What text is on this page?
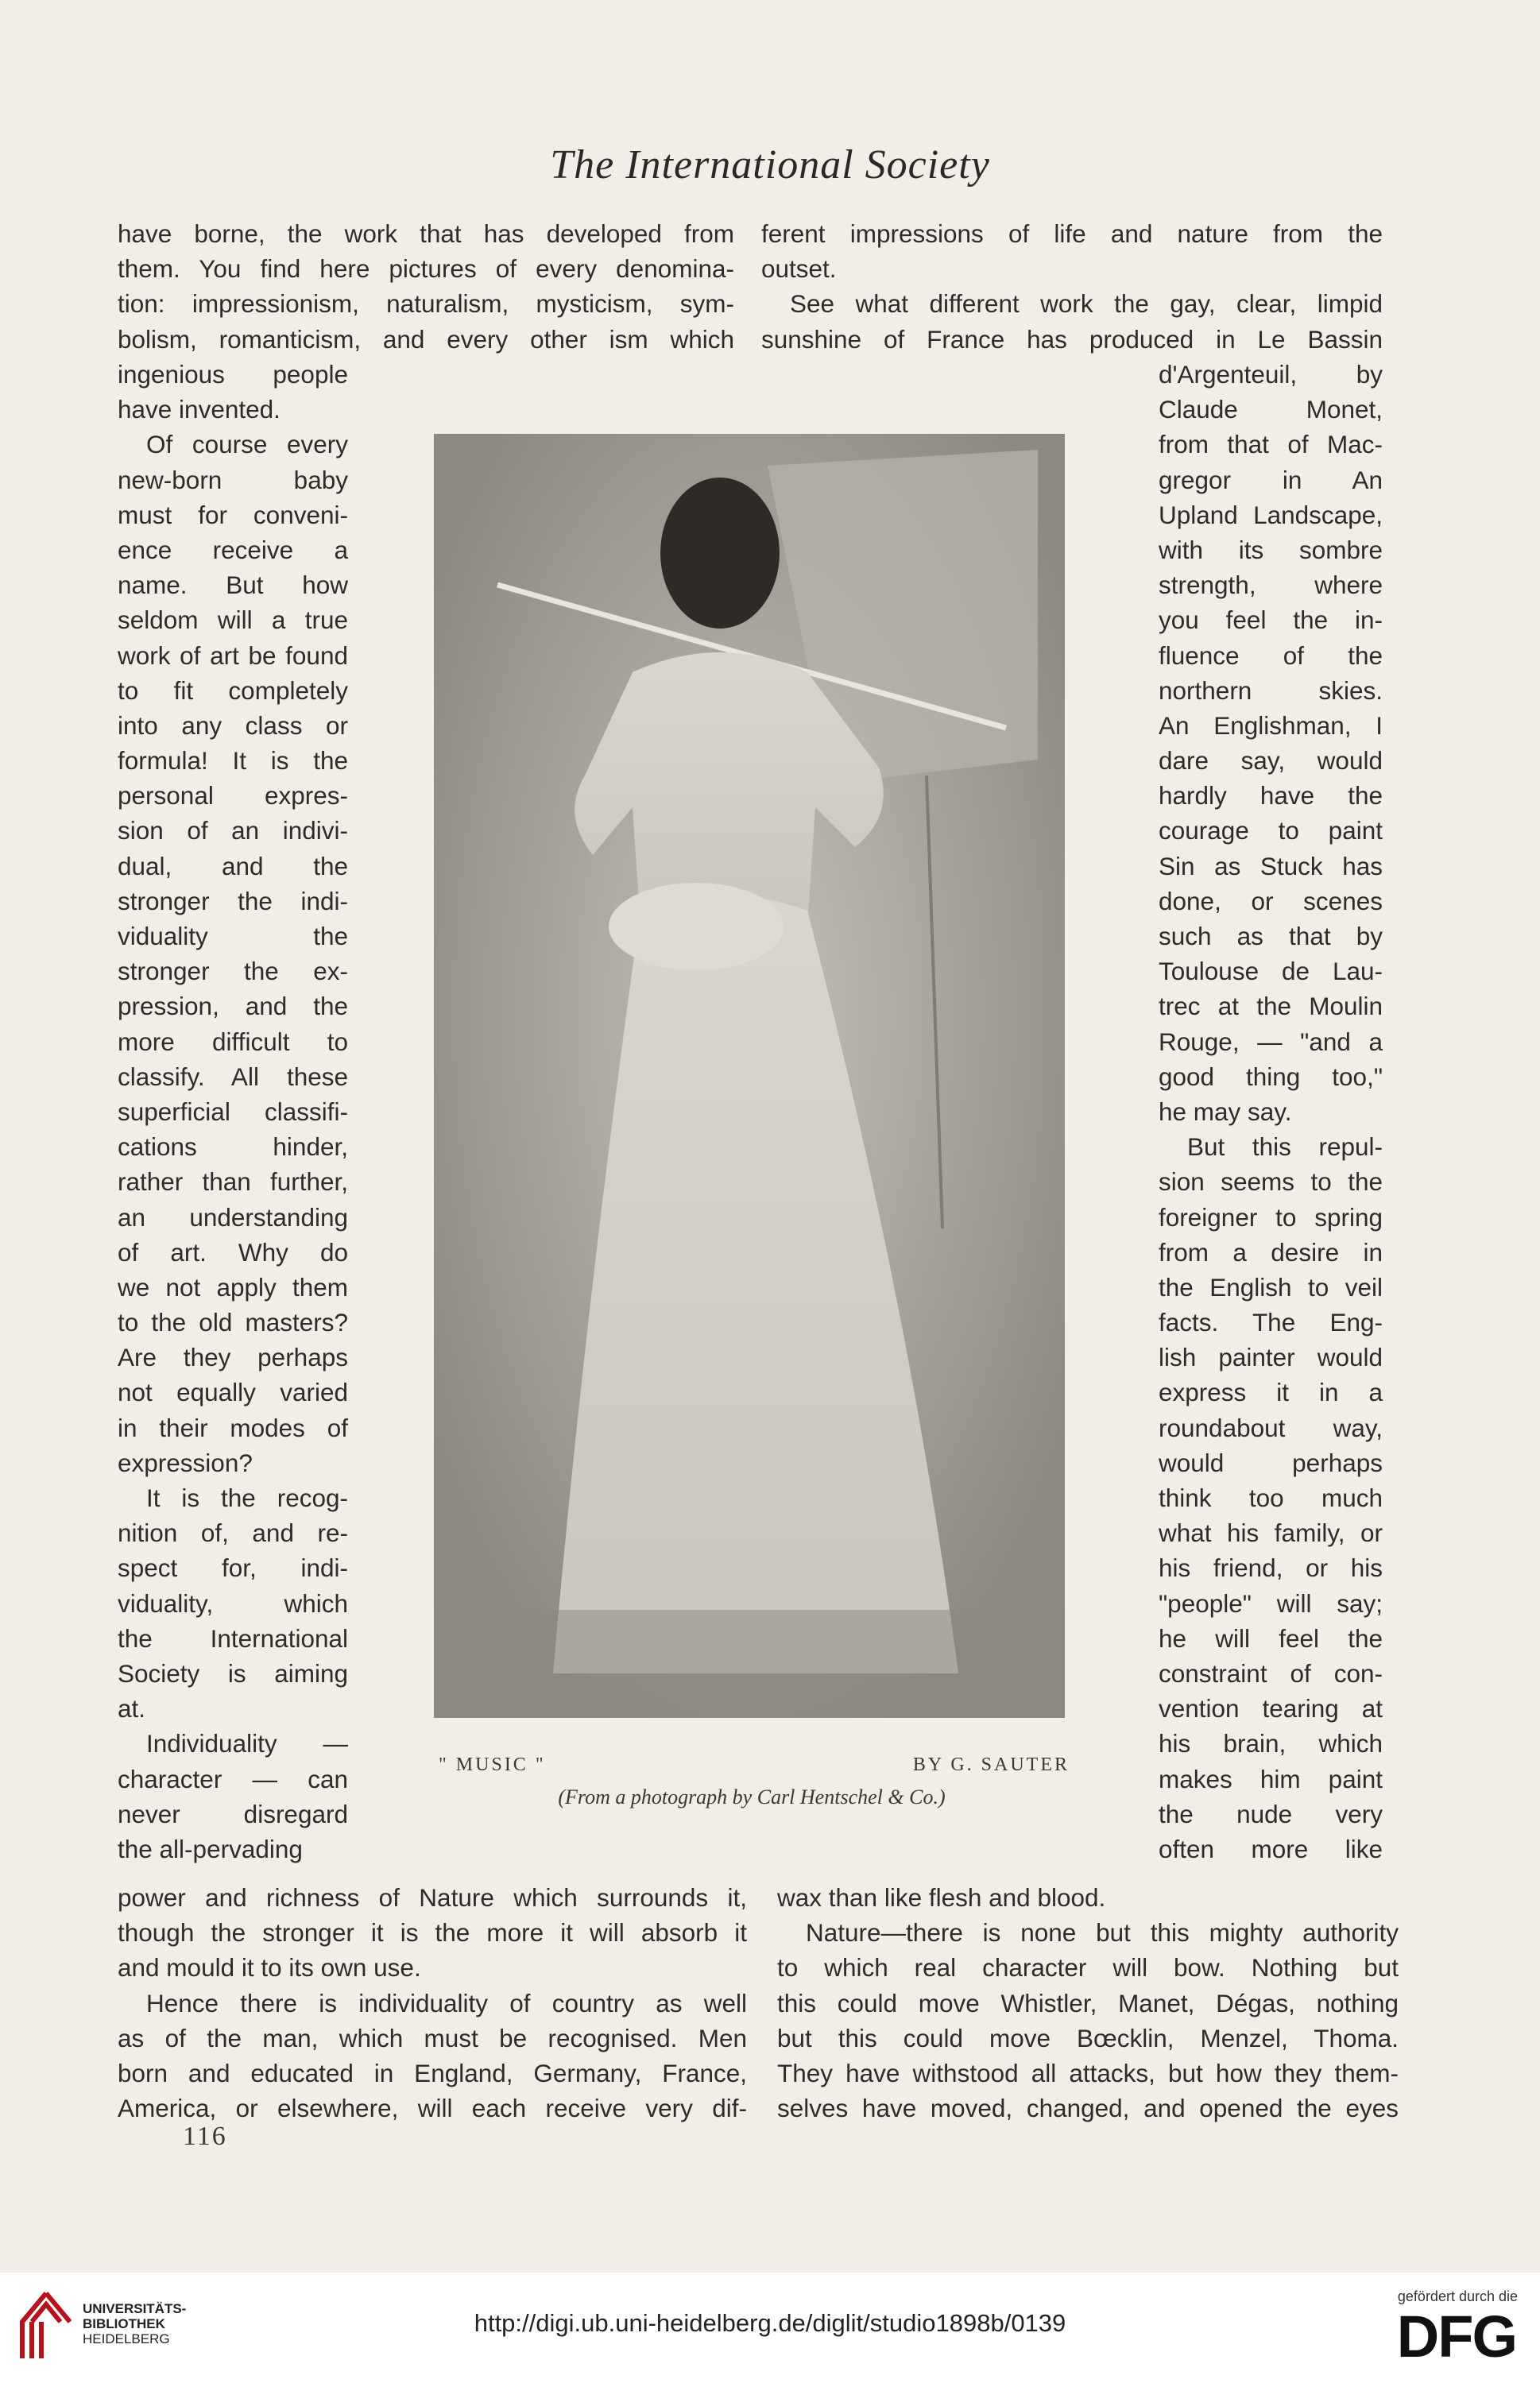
The International Society
have borne, the work that has developed from
them. You find here pictures of every denomina-
tion: impressionism, naturalism, mysticism, sym-
bolism, romanticism, and every other ism which
ingenious people
have invented.
Of course every
new-born baby
must for conveni-
ence receive a
name. But how
seldom will a true
work of art be found
to fit completely
into any class or
formula! It is the
personal expres-
sion of an indivi-
dual, and the
stronger the indi-
viduality the
stronger the ex-
pression, and the
more difficult to
classify. All these
superficial classifi-
cations hinder,
rather than further,
an understanding
of art. Why do
we not apply them
to the old masters?
Are they perhaps
not equally varied
in their modes of
expression?
It is the recog-
nition of, and re-
spect for, indi-
viduality, which
the International
Society is aiming
at.
Individuality —
character — can
never disregard
the all-pervading
power and richness of Nature which surrounds it,
though the stronger it is the more it will absorb it
and mould it to its own use.
Hence there is individuality of country as well
as of the man, which must be recognised. Men
born and educated in England, Germany, France,
America, or elsewhere, will each receive very dif-
ferent impressions of life and nature from the
outset.
See what different work the gay, clear, limpid
sunshine of France has produced in Le Bassin
d'Argenteuil, by
Claude Monet,
from that of Mac-
gregor in An
Upland Landscape,
with its sombre
strength, where
you feel the in-
fluence of the
northern skies.
An Englishman, I
dare say, would
hardly have the
courage to paint
Sin as Stuck has
done, or scenes
such as that by
Toulouse de Lau-
trec at the Moulin
Rouge, — "and a
good thing too,"
he may say.
But this repul-
sion seems to the
foreigner to spring
from a desire in
the English to veil
facts. The Eng-
lish painter would
express it in a
roundabout way,
would perhaps
think too much
what his family, or
his friend, or his
"people" will say;
he will feel the
constraint of con-
vention tearing at
his brain, which
makes him paint
the nude very
often more like
wax than like flesh and blood.
Nature—there is none but this mighty authority
to which real character will bow. Nothing but
this could move Whistler, Manet, Dégas, nothing
but this could move Bœcklin, Menzel, Thoma.
They have withstood all attacks, but how they them-
selves have moved, changed, and opened the eyes
" MUSIC "	BY G. SAUTER
(From a photograph by Carl Hentschel & Co.)
116
UNIVERSITÄTS-
BIBLIOTHEK
HEIDELBERG
http://digi.ub.uni-heidelberg.de/diglit/studio1898b/0139
gefördert durch die
DFG
